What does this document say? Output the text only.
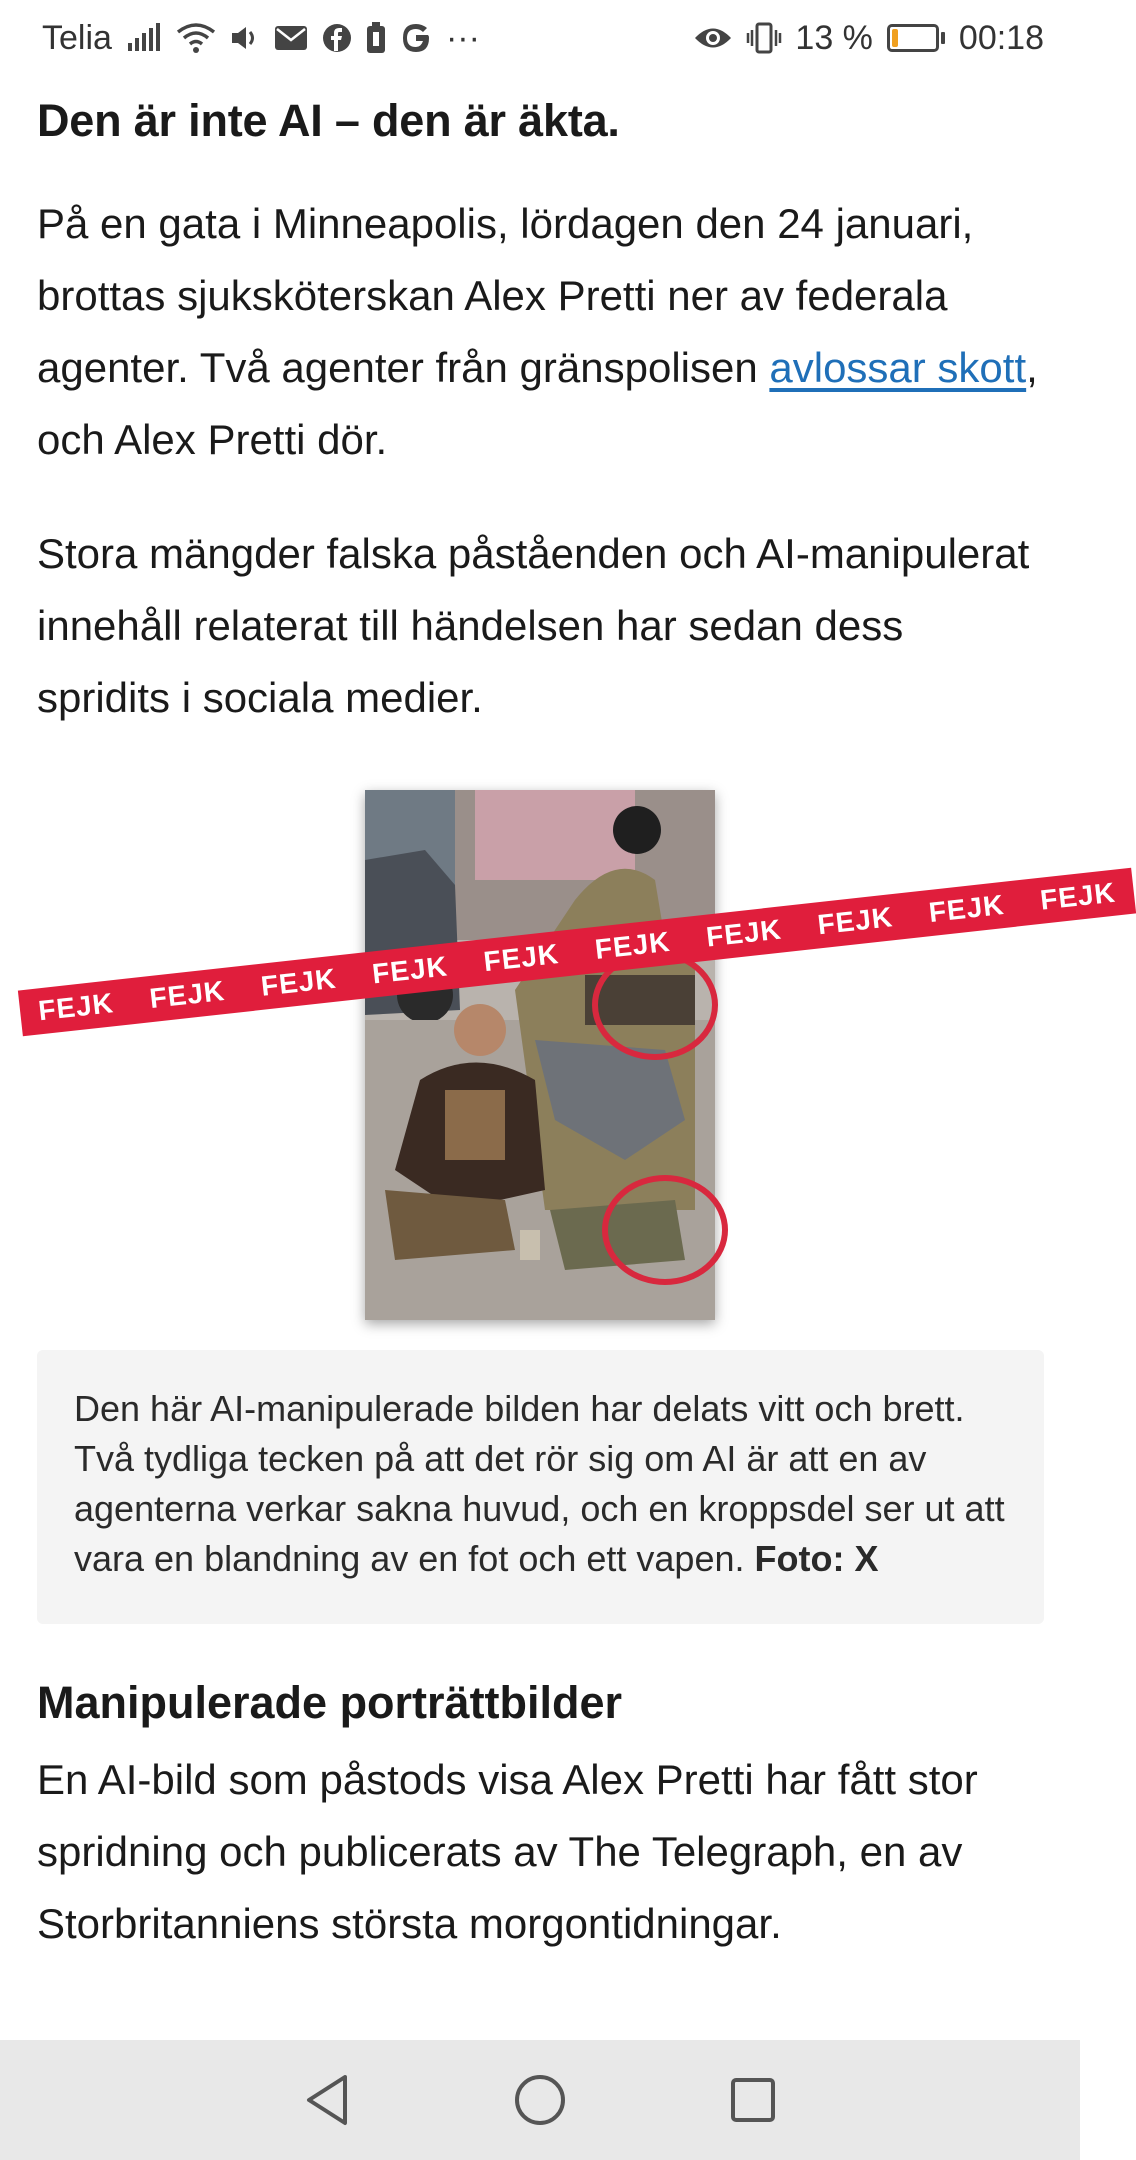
Telia	···	13 %	00:18
Den är inte AI – den är äkta.

På en gata i Minneapolis, lördagen den 24 januari, brottas sjuksköterskan Alex Pretti ner av federala agenter. Två agenter från gränspolisen avlossar skott, och Alex Pretti dör.

Stora mängder falska påståenden och AI-manipulerat innehåll relaterat till händelsen har sedan dess spridits i sociala medier.

FEJK FEJK FEJK FEJK FEJK FEJK FEJK FEJK FEJK FEJK

Den här AI-manipulerade bilden har delats vitt och brett. Två tydliga tecken på att det rör sig om AI är att en av agenterna verkar sakna huvud, och en kroppsdel ser ut att vara en blandning av en fot och ett vapen. Foto: X

Manipulerade porträttbilder

En AI-bild som påstods visa Alex Pretti har fått stor spridning och publicerats av The Telegraph, en av Storbritanniens största morgontidningar.
